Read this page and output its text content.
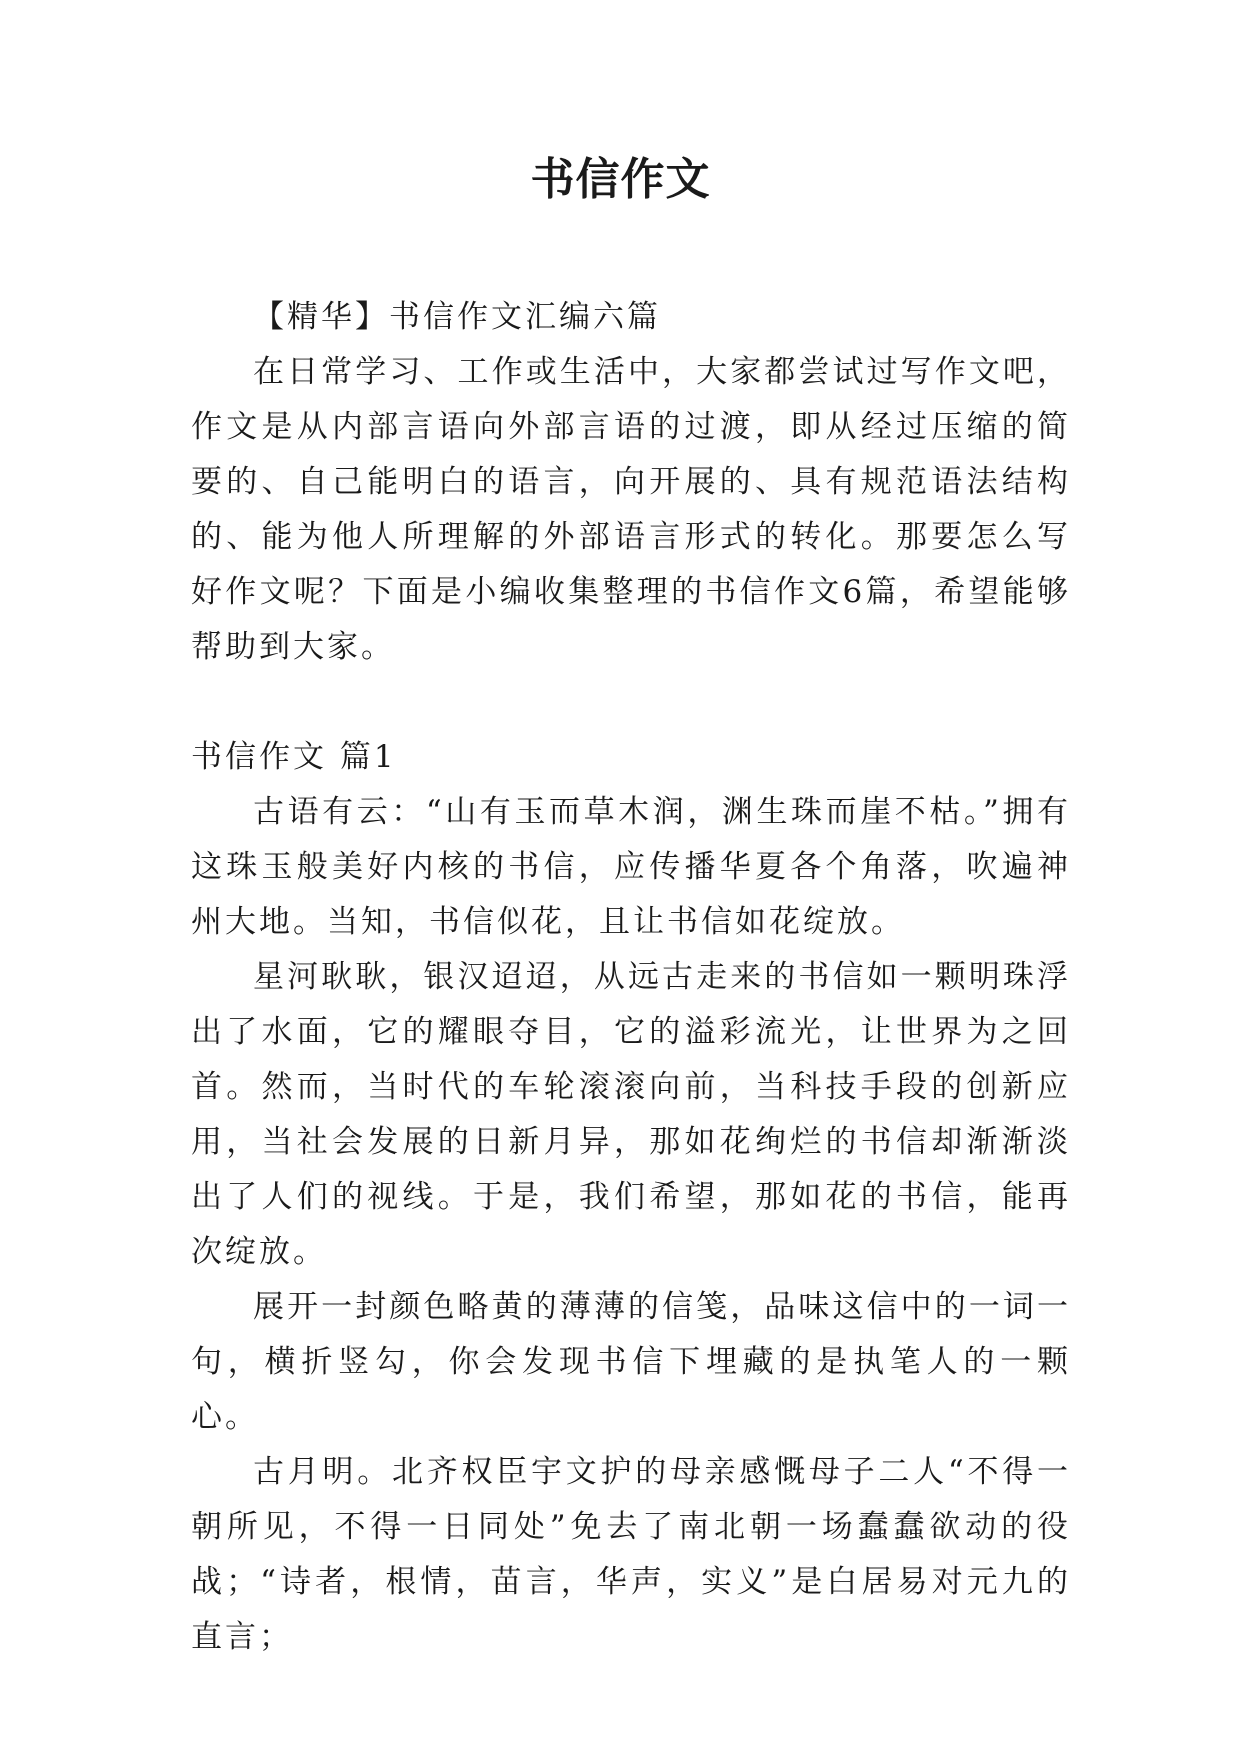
书信作文

【精华】书信作文汇编六篇

在日常学习、工作或生活中，大家都尝试过写作文吧，作文是从内部言语向外部言语的过渡，即从经过压缩的简要的、自己能明白的语言，向开展的、具有规范语法结构的、能为他人所理解的外部语言形式的转化。那要怎么写好作文呢？下面是小编收集整理的书信作文6篇，希望能够帮助到大家。

书信作文 篇1

古语有云：“山有玉而草木润，渊生珠而崖不枯。”拥有这珠玉般美好内核的书信，应传播华夏各个角落，吹遍神州大地。当知，书信似花，且让书信如花绽放。

星河耿耿，银汉迢迢，从远古走来的书信如一颗明珠浮出了水面，它的耀眼夺目，它的溢彩流光，让世界为之回首。然而，当时代的车轮滚滚向前，当科技手段的创新应用，当社会发展的日新月异，那如花绚烂的书信却渐渐淡出了人们的视线。于是，我们希望，那如花的书信，能再次绽放。

展开一封颜色略黄的薄薄的信笺，品味这信中的一词一句，横折竖勾，你会发现书信下埋藏的是执笔人的一颗心。

古月明。北齐权臣宇文护的母亲感慨母子二人“不得一朝所见，不得一日同处”免去了南北朝一场蠢蠢欲动的役战；“诗者，根情，苗言，华声，实义”是白居易对元九的直言；
